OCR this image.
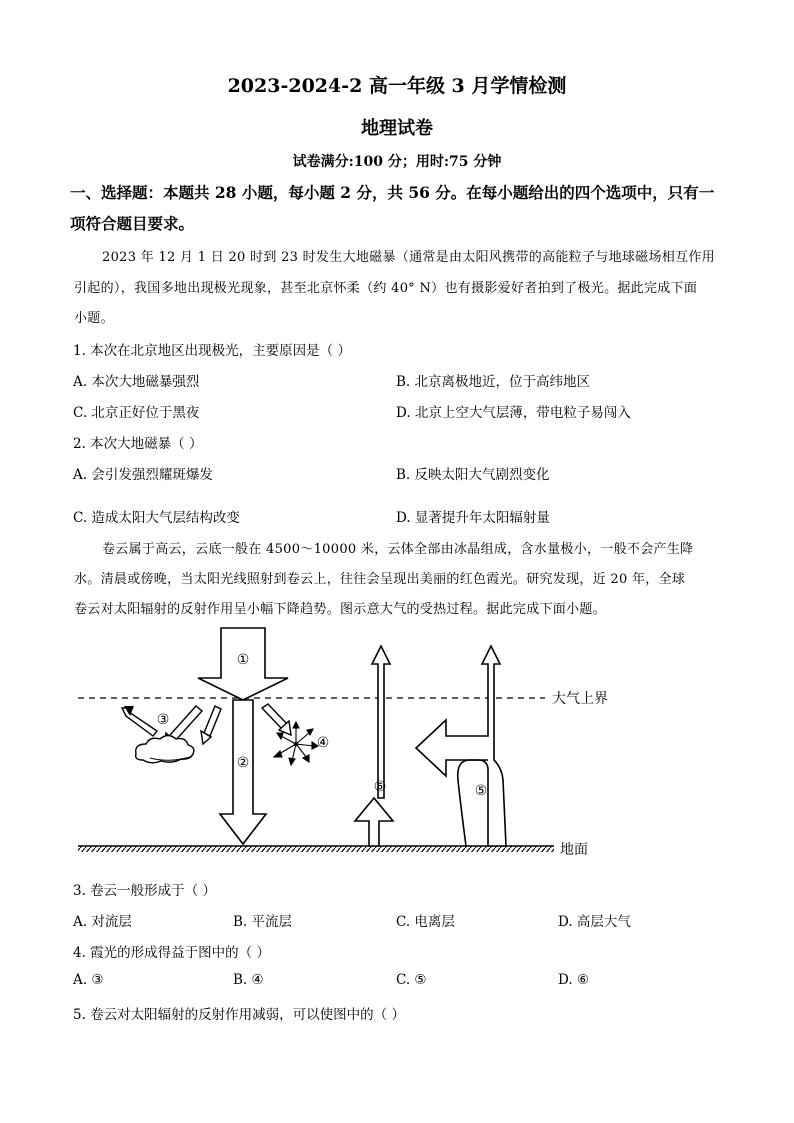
2023-2024-2 高一年级 3 月学情检测
地理试卷
试卷满分:100 分；用时:75 分钟
一、选择题：本题共 28 小题，每小题 2 分，共 56 分。在每小题给出的四个选项中，只有一
项符合题目要求。
2023 年 12 月 1 日 20 时到 23 时发生大地磁暴（通常是由太阳风携带的高能粒子与地球磁场相互作用
引起的），我国多地出现极光现象，甚至北京怀柔（约 40° N）也有摄影爱好者拍到了极光。据此完成下面
小题。
1. 本次在北京地区出现极光，主要原因是（ ）
A. 本次大地磁暴强烈	B. 北京离极地近，位于高纬地区
C. 北京正好位于黑夜	D. 北京上空大气层薄，带电粒子易闯入
2. 本次大地磁暴（ ）
A. 会引发强烈耀斑爆发	B. 反映太阳大气剧烈变化
C. 造成太阳大气层结构改变	D. 显著提升年太阳辐射量
卷云属于高云，云底一般在 4500～10000 米，云体全部由冰晶组成，含水量极小，一般不会产生降
水。清晨或傍晚，当太阳光线照射到卷云上，往往会呈现出美丽的红色霞光。研究发现，近 20 年，全球
卷云对太阳辐射的反射作用呈小幅下降趋势。图示意大气的受热过程。据此完成下面小题。
大气上界
地面
①
②
③
④
⑥	⑤
3. 卷云一般形成于（ ）
A. 对流层	B. 平流层	C. 电离层	D. 高层大气
4. 霞光的形成得益于图中的（ ）
A. ③	B. ④	C. ⑤	D. ⑥
5. 卷云对太阳辐射的反射作用减弱，可以使图中的（ ）
